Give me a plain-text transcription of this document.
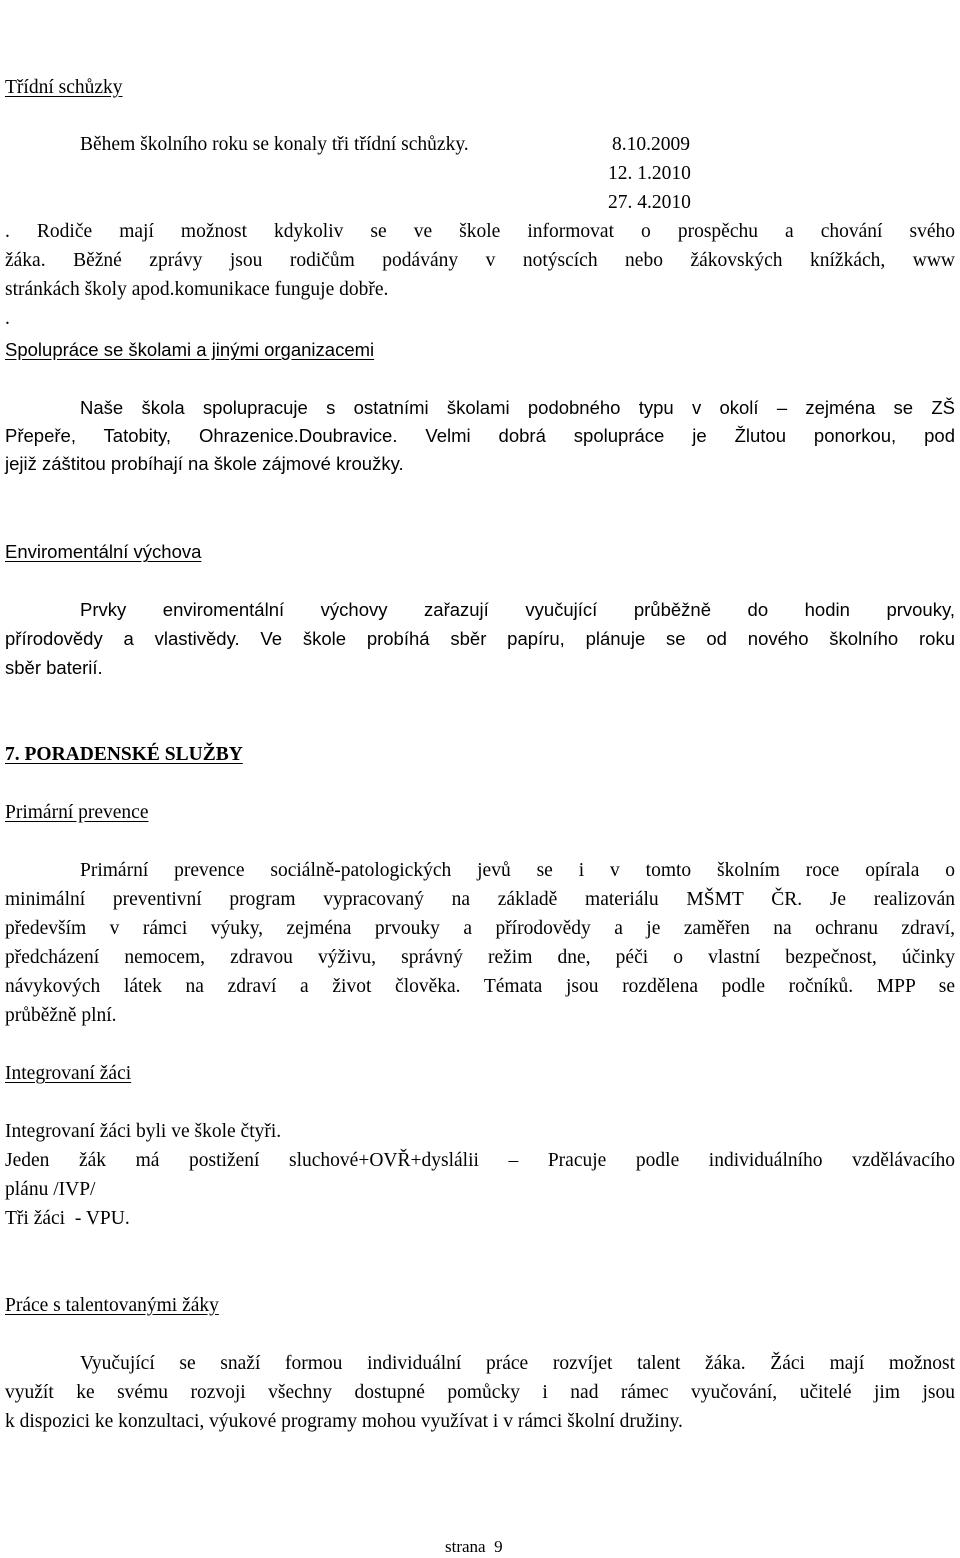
Třídní schůzky
Během školního roku se konaly tři třídní schůzky.	8.10.2009
12. 1.2010
27. 4.2010
. Rodiče mají možnost kdykoliv se ve škole informovat o prospěchu a chování svého
žáka. Běžné zprávy jsou rodičům podávány v notýscích nebo žákovských knížkách, www
stránkách školy apod.komunikace funguje dobře.
.
Spolupráce se školami a jinými organizacemi
Naše škola spolupracuje s ostatními školami podobného typu v okolí – zejména se ZŠ
Přepeře, Tatobity, Ohrazenice.Doubravice. Velmi dobrá spolupráce je Žlutou ponorkou, pod
jejiž záštitou probíhají na škole zájmové kroužky.
Enviromentální výchova
Prvky enviromentální výchovy zařazují vyučující průběžně do hodin prvouky,
přírodovědy a vlastivědy. Ve škole probíhá sběr papíru, plánuje se od nového školního roku
sběr baterií.
7. PORADENSKÉ SLUŽBY
Primární prevence
Primární prevence sociálně-patologických jevů se i v tomto školním roce opírala o
minimální preventivní program vypracovaný na základě materiálu MŠMT ČR. Je realizován
především v rámci výuky, zejména prvouky a přírodovědy a je zaměřen na ochranu zdraví,
předcházení nemocem, zdravou výživu, správný režim dne, péči o vlastní bezpečnost, účinky
návykových látek na zdraví a život člověka. Témata jsou rozdělena podle ročníků. MPP se
průběžně plní.
Integrovaní žáci
Integrovaní žáci byli ve škole čtyři.
Jeden žák má postižení sluchové+OVŘ+dyslálii – Pracuje podle individuálního vzdělávacího
plánu /IVP/
Tři žáci  - VPU.
Práce s talentovanými žáky
Vyučující se snaží formou individuální práce rozvíjet talent žáka. Žáci mají možnost
využít ke svému rozvoji všechny dostupné pomůcky i nad rámec vyučování, učitelé jim jsou
k dispozici ke konzultaci, výukové programy mohou využívat i v rámci školní družiny.
strana  9
